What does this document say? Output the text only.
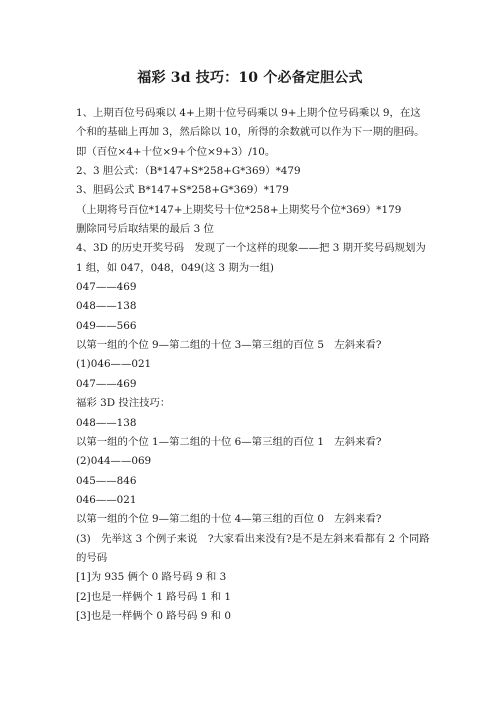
福彩 3d 技巧：10 个必备定胆公式
1、上期百位号码乘以 4+上期十位号码乘以 9+上期个位号码乘以 9，在这个和的基础上再加 3，然后除以 10，所得的余数就可以作为下一期的胆码。即（百位×4+十位×9+个位×9+3）/10。
2、3 胆公式：（B*147+S*258+G*369）*479
3、胆码公式 B*147+S*258+G*369）*179
（上期将号百位*147+上期奖号十位*258+上期奖号个位*369）*179
删除同号后取结果的最后 3 位
4、3D 的历史开奖号码　发现了一个这样的现象——把 3 期开奖号码规划为 1 组，如 047，048，049(这 3 期为一组)
047——469
048——138
049——566
以第一组的个位 9—第二组的十位 3—第三组的百位 5　左斜来看?
(1)046——021
047——469
福彩 3D 投注技巧：
048——138
以第一组的个位 1—第二组的十位 6—第三组的百位 1　左斜来看?
(2)044——069
045——846
046——021
以第一组的个位 9—第二组的十位 4—第三组的百位 0　左斜来看?
(3)　先举这 3 个例子来说　?大家看出来没有?是不是左斜来看都有 2 个同路的号码
[1]为 935 俩个 0 路号码 9 和 3
[2]也是一样俩个 1 路号码 1 和 1
[3]也是一样俩个 0 路号码 9 和 0
